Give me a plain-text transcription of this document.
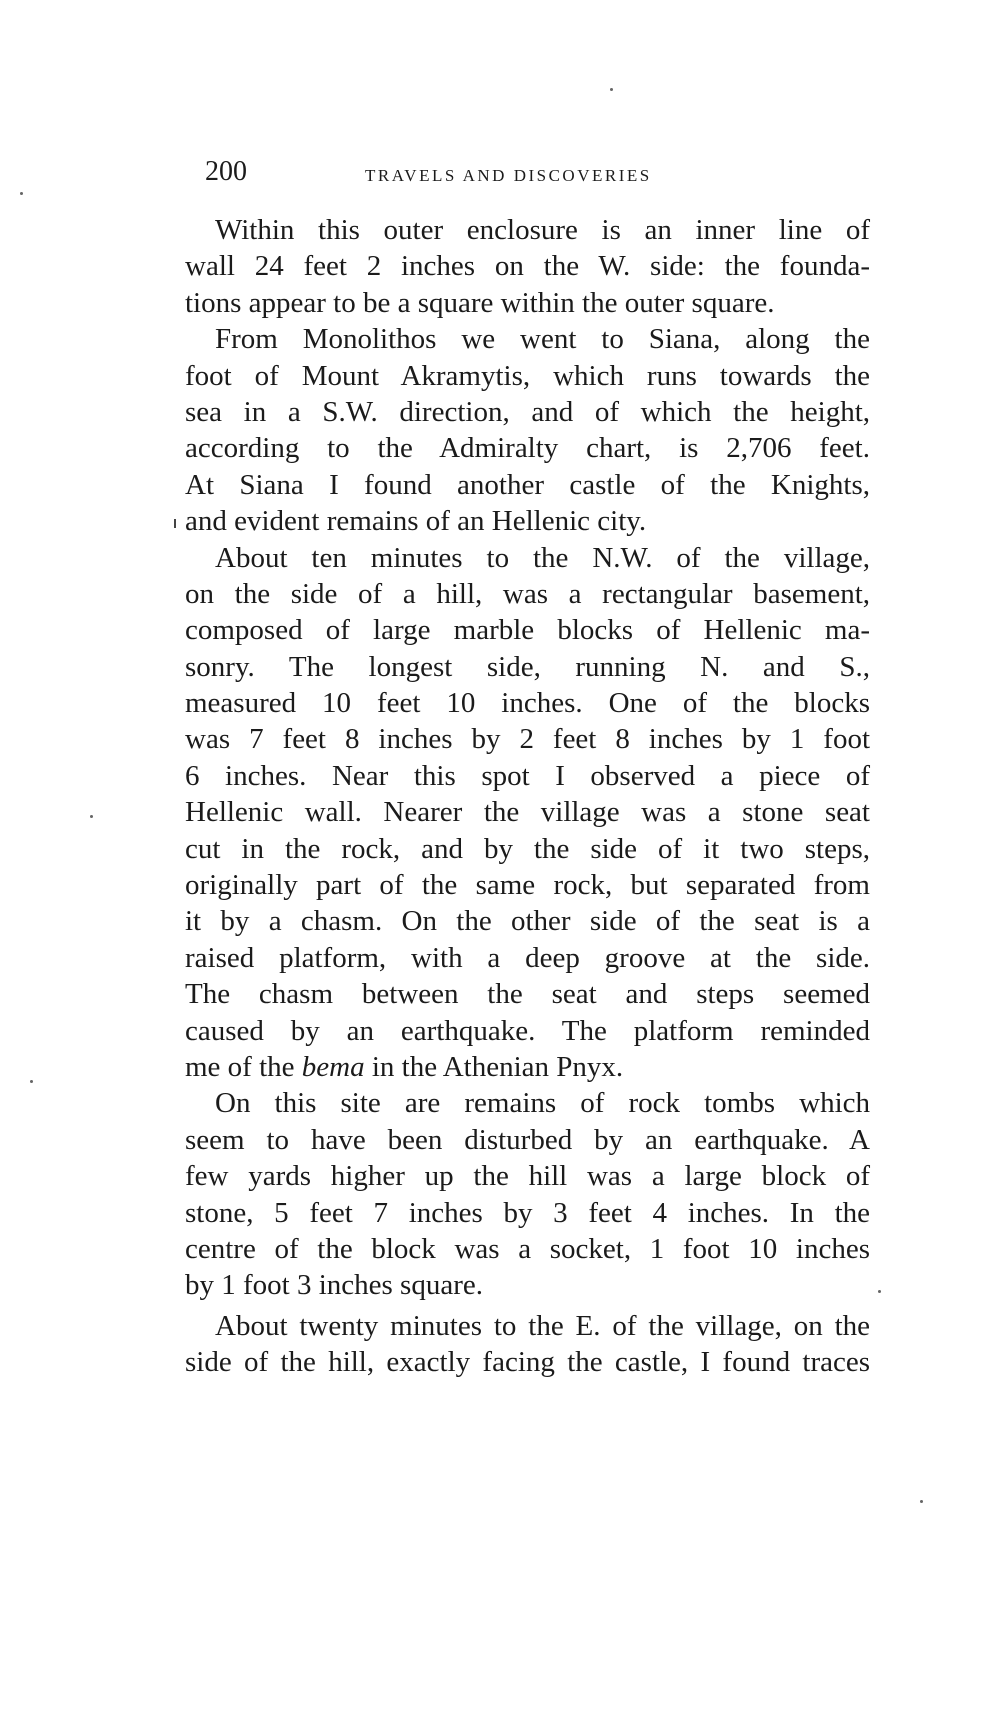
200	TRAVELS AND DISCOVERIES
Within this outer enclosure is an inner line of
wall 24 feet 2 inches on the W. side: the founda-
tions appear to be a square within the outer square.
From Monolithos we went to Siana, along the
foot of Mount Akramytis, which runs towards the
sea in a S.W. direction, and of which the height,
according to the Admiralty chart, is 2,706 feet.
At Siana I found another castle of the Knights,
and evident remains of an Hellenic city.
About ten minutes to the N.W. of the village,
on the side of a hill, was a rectangular basement,
composed of large marble blocks of Hellenic ma-
sonry. The longest side, running N. and S.,
measured 10 feet 10 inches. One of the blocks
was 7 feet 8 inches by 2 feet 8 inches by 1 foot
6 inches. Near this spot I observed a piece of
Hellenic wall. Nearer the village was a stone seat
cut in the rock, and by the side of it two steps,
originally part of the same rock, but separated from
it by a chasm. On the other side of the seat is a
raised platform, with a deep groove at the side.
The chasm between the seat and steps seemed
caused by an earthquake. The platform reminded
me of the bema in the Athenian Pnyx.
On this site are remains of rock tombs which
seem to have been disturbed by an earthquake. A
few yards higher up the hill was a large block of
stone, 5 feet 7 inches by 3 feet 4 inches. In the
centre of the block was a socket, 1 foot 10 inches
by 1 foot 3 inches square.
About twenty minutes to the E. of the village, on the
side of the hill, exactly facing the castle, I found traces
